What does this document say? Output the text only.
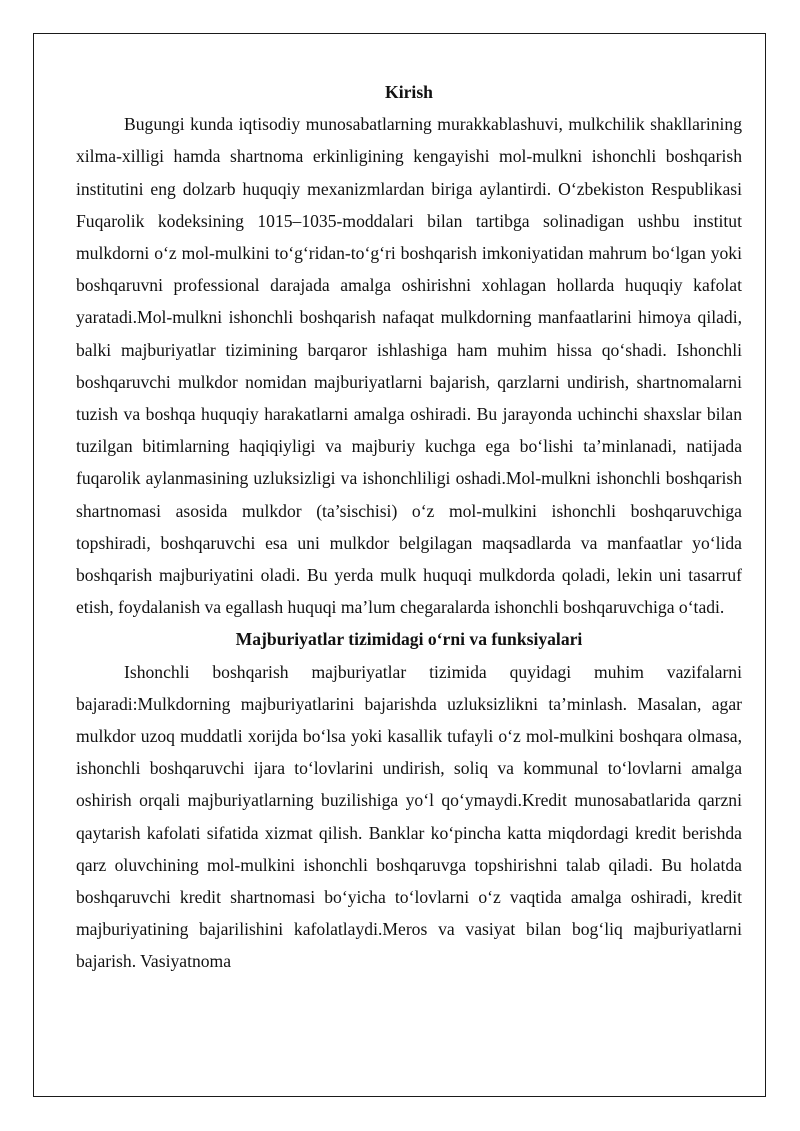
Kirish

Bugungi kunda iqtisodiy munosabatlarning murakkablashuvi, mulkchilik shakllarining xilma-xilligi hamda shartnoma erkinligining kengayishi mol-mulkni ishonchli boshqarish institutini eng dolzarb huquqiy mexanizmlardan biriga aylantirdi. O‘zbekiston Respublikasi Fuqarolik kodeksining 1015–1035-moddalari bilan tartibga solinadigan ushbu institut mulkdorni o‘z mol-mulkini to‘g‘ridan-to‘g‘ri boshqarish imkoniyatidan mahrum bo‘lgan yoki boshqaruvni professional darajada amalga oshirishni xohlagan hollarda huquqiy kafolat yaratadi.Mol-mulkni ishonchli boshqarish nafaqat mulkdorning manfaatlarini himoya qiladi, balki majburiyatlar tizimining barqaror ishlashiga ham muhim hissa qo‘shadi. Ishonchli boshqaruvchi mulkdor nomidan majburiyatlarni bajarish, qarzlarni undirish, shartnomalarni tuzish va boshqa huquqiy harakatlarni amalga oshiradi. Bu jarayonda uchinchi shaxslar bilan tuzilgan bitimlarning haqiqiyligi va majburiy kuchga ega bo‘lishi ta’minlanadi, natijada fuqarolik aylanmasining uzluksizligi va ishonchliligi oshadi.Mol-mulkni ishonchli boshqarish shartnomasi asosida mulkdor (ta’sischisi) o‘z mol-mulkini ishonchli boshqaruvchiga topshiradi, boshqaruvchi esa uni mulkdor belgilagan maqsadlarda va manfaatlar yo‘lida boshqarish majburiyatini oladi. Bu yerda mulk huquqi mulkdorda qoladi, lekin uni tasarruf etish, foydalanish va egallash huquqi ma’lum chegaralarda ishonchli boshqaruvchiga o‘tadi.

Majburiyatlar tizimidagi o‘rni va funksiyalari

Ishonchli boshqarish majburiyatlar tizimida quyidagi muhim vazifalarni bajaradi:Mulkdorning majburiyatlarini bajarishda uzluksizlikni ta’minlash. Masalan, agar mulkdor uzoq muddatli xorijda bo‘lsa yoki kasallik tufayli o‘z mol-mulkini boshqara olmasa, ishonchli boshqaruvchi ijara to‘lovlarini undirish, soliq va kommunal to‘lovlarni amalga oshirish orqali majburiyatlarning buzilishiga yo‘l qo‘ymaydi.Kredit munosabatlarida qarzni qaytarish kafolati sifatida xizmat qilish. Banklar ko‘pincha katta miqdordagi kredit berishda qarz oluvchining mol-mulkini ishonchli boshqaruvga topshirishni talab qiladi. Bu holatda boshqaruvchi kredit shartnomasi bo‘yicha to‘lovlarni o‘z vaqtida amalga oshiradi, kredit majburiyatining bajarilishini kafolatlaydi.Meros va vasiyat bilan bog‘liq majburiyatlarni bajarish. Vasiyatnoma
